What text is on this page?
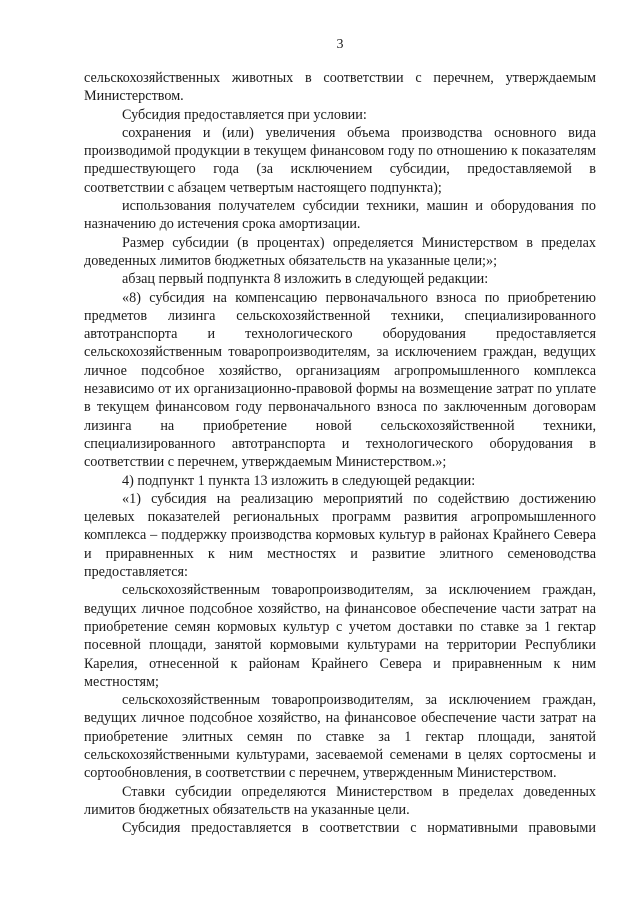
3

сельскохозяйственных животных в соответствии с перечнем, утверждаемым Министерством.

Субсидия предоставляется при условии:

сохранения и (или) увеличения объема производства основного вида производимой продукции в текущем финансовом году по отношению к показателям предшествующего года (за исключением субсидии, предоставляемой в соответствии с абзацем четвертым настоящего подпункта);

использования получателем субсидии техники, машин и оборудования по назначению до истечения срока амортизации.

Размер субсидии (в процентах) определяется Министерством в пределах доведенных лимитов бюджетных обязательств на указанные цели;»;

абзац первый подпункта 8 изложить в следующей редакции:

«8) субсидия на компенсацию первоначального взноса по приобретению предметов лизинга сельскохозяйственной техники, специализированного автотранспорта и технологического оборудования предоставляется сельскохозяйственным товаропроизводителям, за исключением граждан, ведущих личное подсобное хозяйство, организациям агропромышленного комплекса независимо от их организационно-правовой формы на возмещение затрат по уплате в текущем финансовом году первоначального взноса по заключенным договорам лизинга на приобретение новой сельскохозяйственной техники, специализированного автотранспорта и технологического оборудования в соответствии с перечнем, утверждаемым Министерством.»;

4) подпункт 1 пункта 13 изложить в следующей редакции:

«1) субсидия на реализацию мероприятий по содействию достижению целевых показателей региональных программ развития агропромышленного комплекса – поддержку производства кормовых культур в районах Крайнего Севера и приравненных к ним местностях и развитие элитного семеноводства предоставляется:

сельскохозяйственным товаропроизводителям, за исключением граждан, ведущих личное подсобное хозяйство, на финансовое обеспечение части затрат на приобретение семян кормовых культур с учетом доставки по ставке за 1 гектар посевной площади, занятой кормовыми культурами на территории Республики Карелия, отнесенной к районам Крайнего Севера и приравненным к ним местностям;

сельскохозяйственным товаропроизводителям, за исключением граждан, ведущих личное подсобное хозяйство, на финансовое обеспечение части затрат на приобретение элитных семян по ставке за 1 гектар площади, занятой сельскохозяйственными культурами, засеваемой семенами в целях сортосмены и сортообновления, в соответствии с перечнем, утвержденным Министерством.

Ставки субсидии определяются Министерством в пределах доведенных лимитов бюджетных обязательств на указанные цели.

Субсидия предоставляется в соответствии с нормативными правовыми
